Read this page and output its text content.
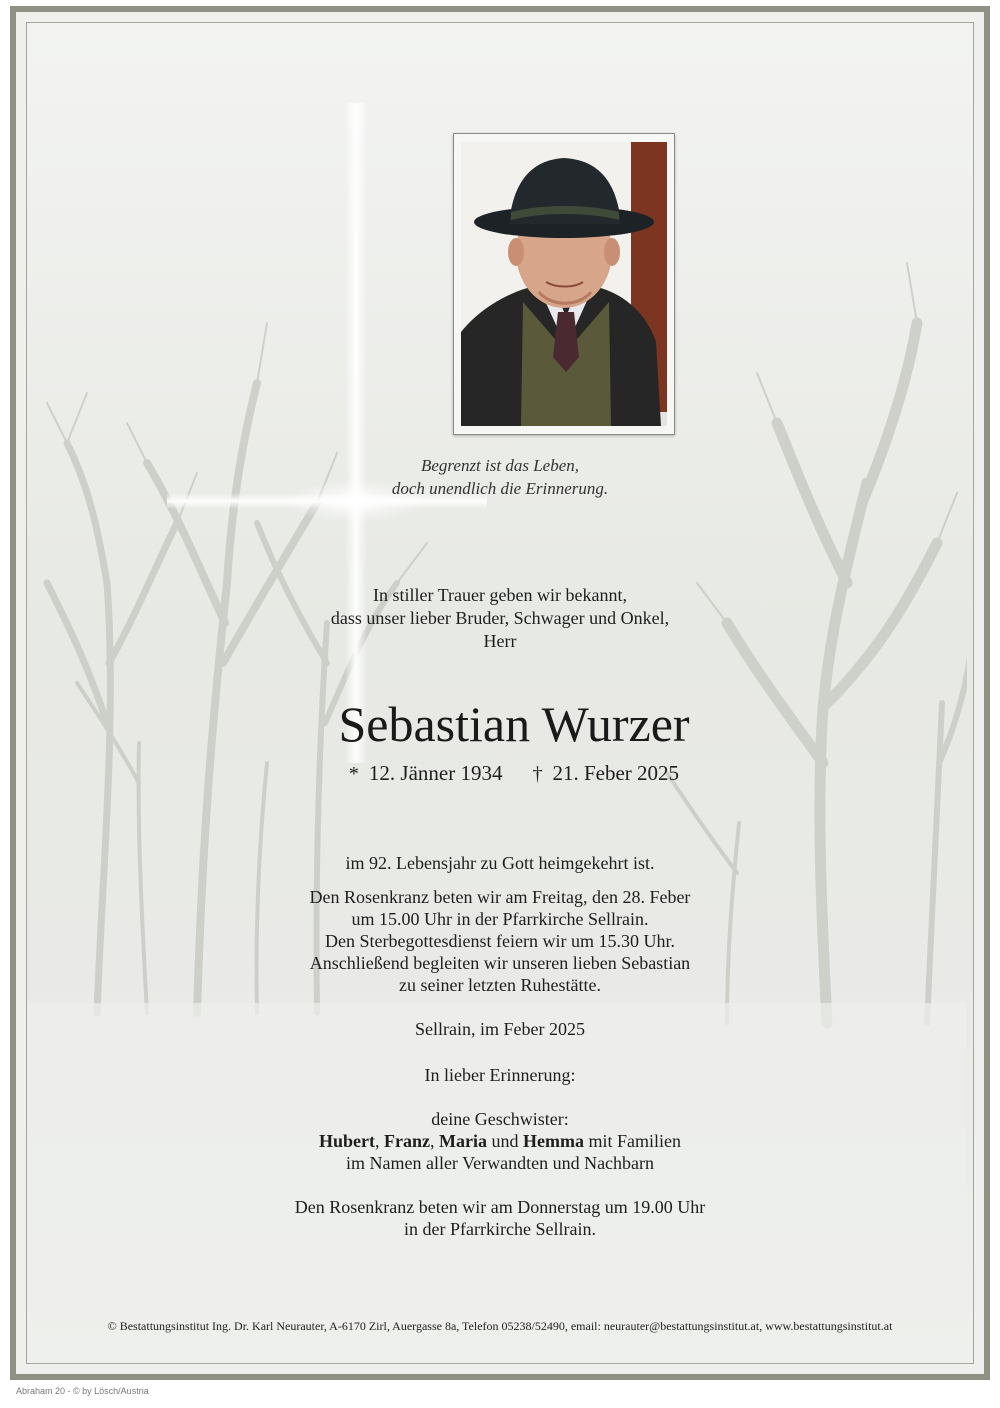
Begrenzt ist das Leben,
doch unendlich die Erinnerung.
In stiller Trauer geben wir bekannt,
dass unser lieber Bruder, Schwager und Onkel,
Herr
Sebastian Wurzer
* 12. Jänner 1934 † 21. Feber 2025
im 92. Lebensjahr zu Gott heimgekehrt ist.
Den Rosenkranz beten wir am Freitag, den 28. Feber
um 15.00 Uhr in der Pfarrkirche Sellrain.
Den Sterbegottesdienst feiern wir um 15.30 Uhr.
Anschließend begleiten wir unseren lieben Sebastian
zu seiner letzten Ruhestätte.
Sellrain, im Feber 2025
In lieber Erinnerung:
deine Geschwister:
Hubert, Franz, Maria und Hemma mit Familien
im Namen aller Verwandten und Nachbarn
Den Rosenkranz beten wir am Donnerstag um 19.00 Uhr
in der Pfarrkirche Sellrain.
© Bestattungsinstitut Ing. Dr. Karl Neurauter, A-6170 Zirl, Auergasse 8a, Telefon 05238/52490, email: neurauter@bestattungsinstitut.at, www.bestattungsinstitut.at
Abraham 20 - © by Lösch/Austria
